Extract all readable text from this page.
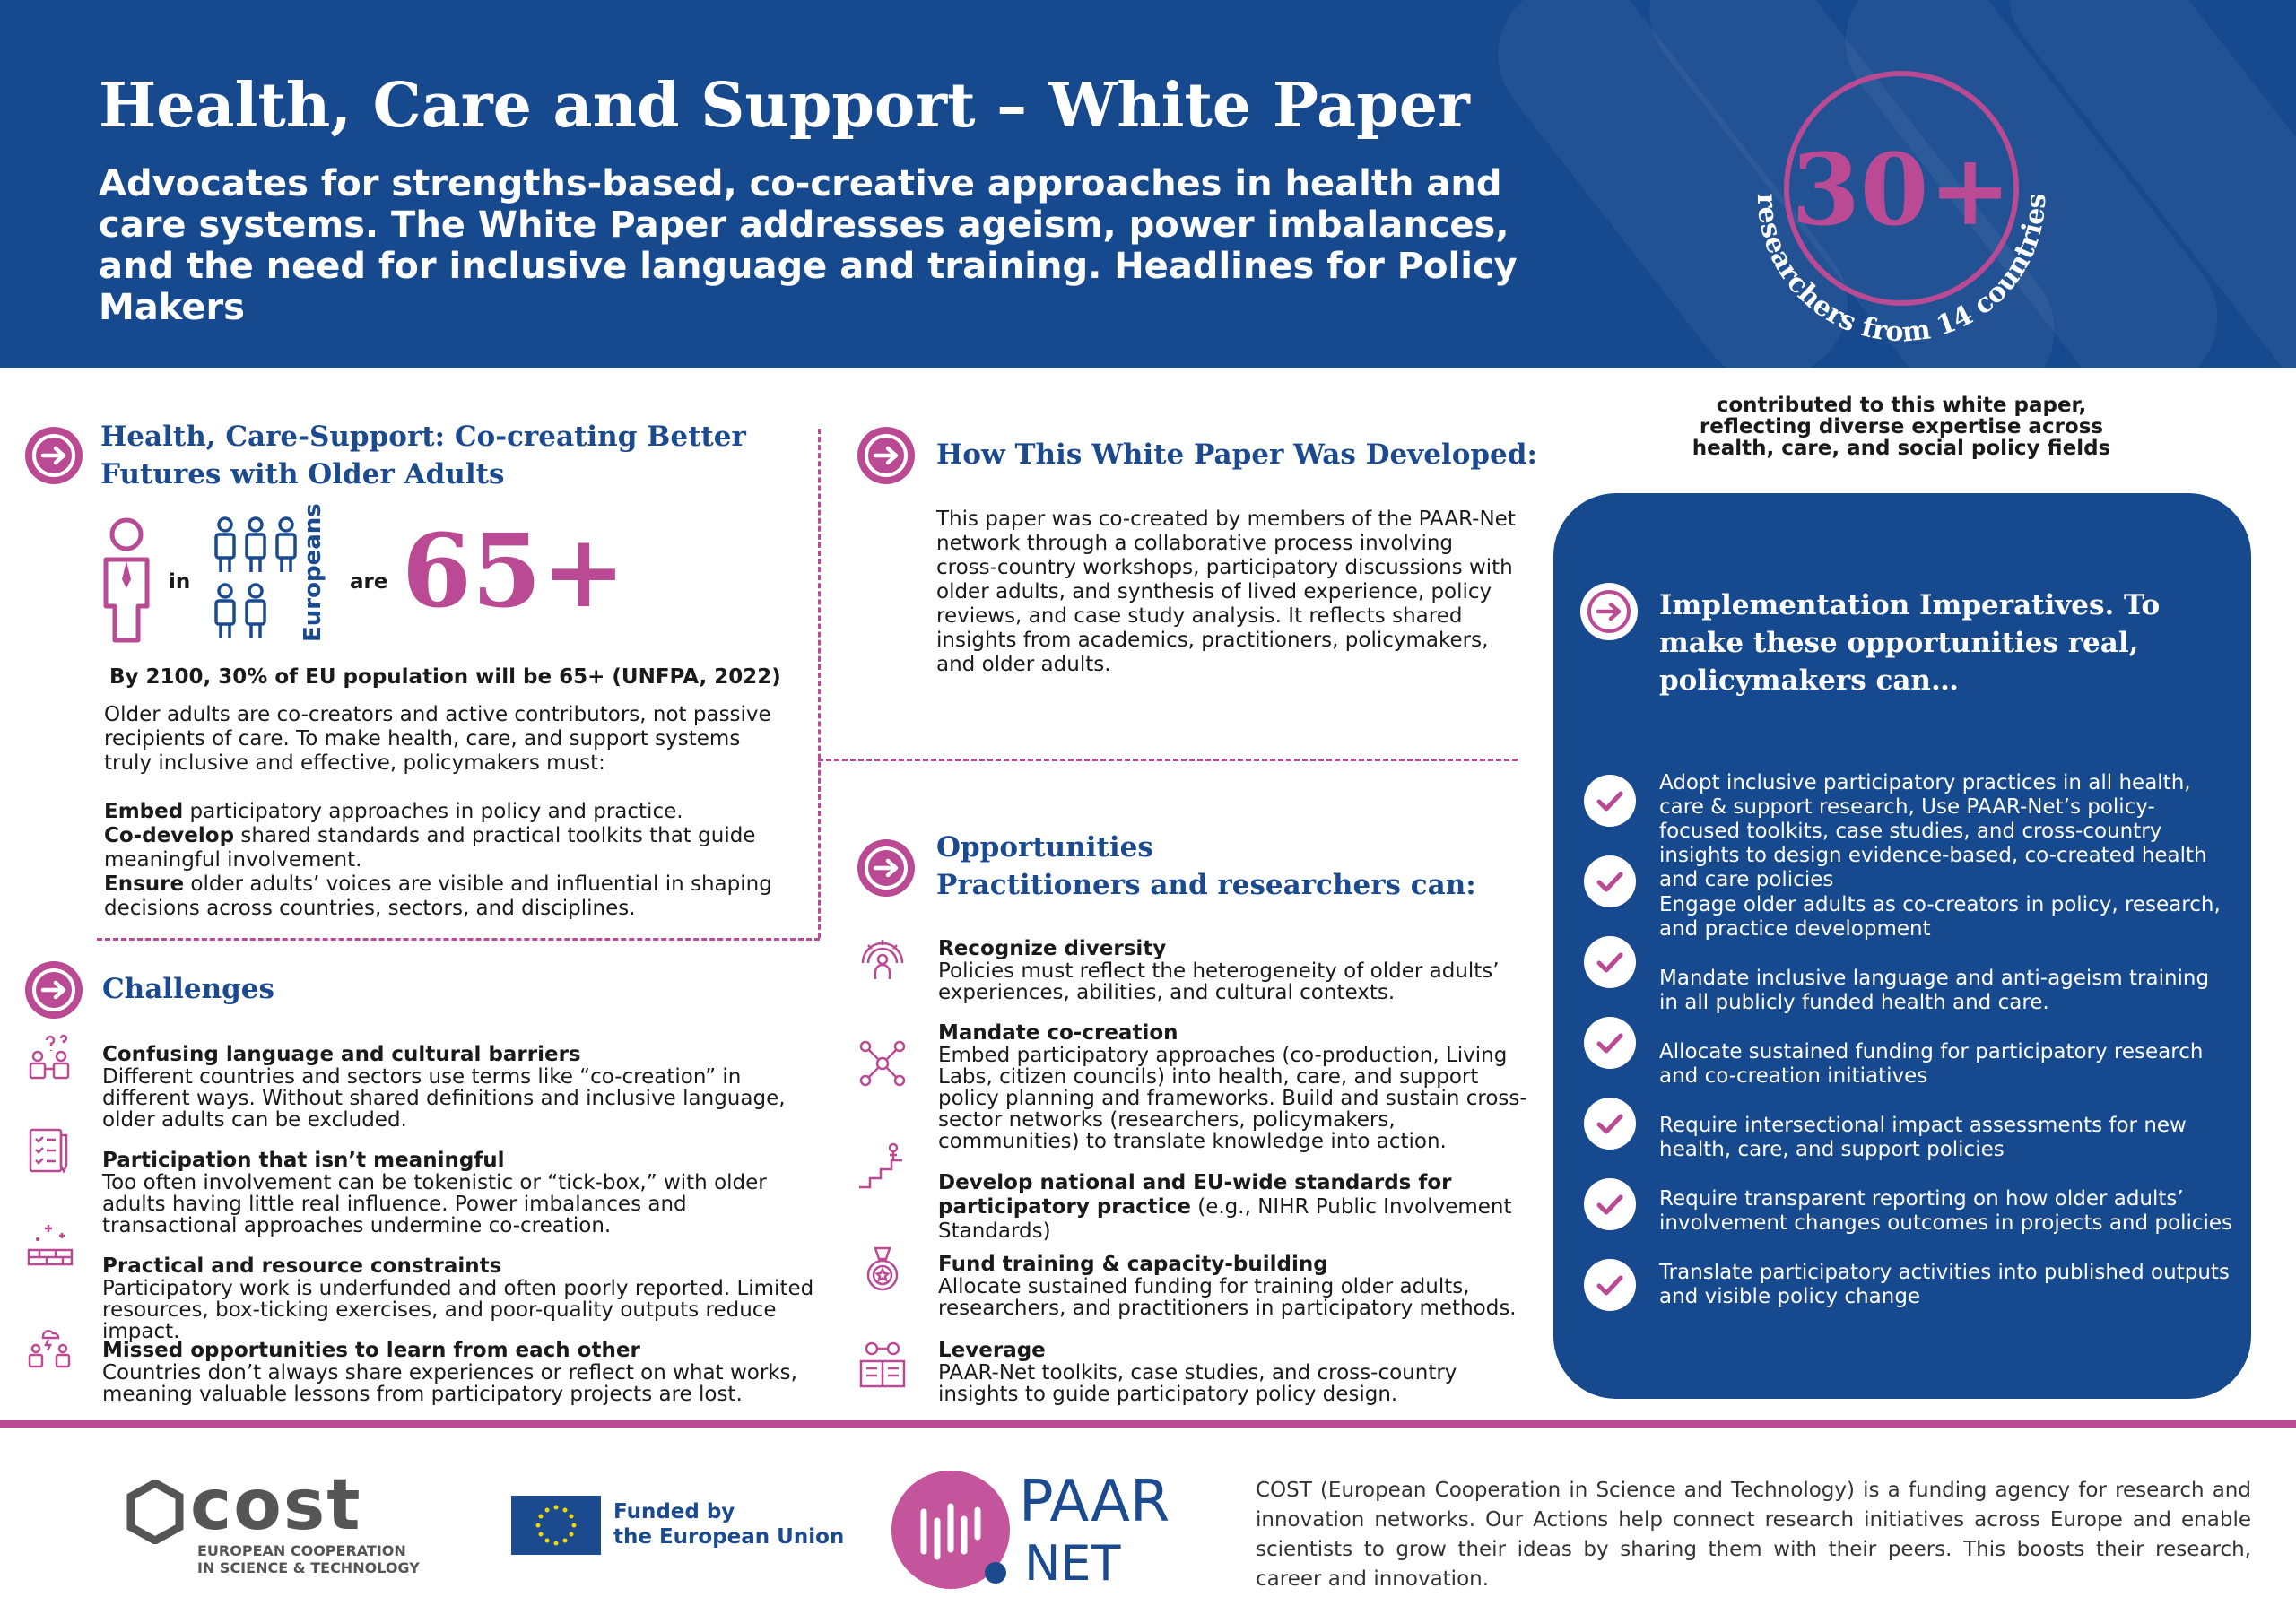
Health, Care and Support – White Paper
Advocates for strengths-based, co-creative approaches in health and care systems. The White Paper addresses ageism, power imbalances, and the need for inclusive language and training. Headlines for Policy Makers
30+
researchers from 14 countries
Health, Care-Support: Co-creating Better
Futures with Older Adults
in	Europeans are 65+
By 2100, 30% of EU population will be 65+ (UNFPA, 2022)
Older adults are co-creators and active contributors, not passive recipients of care. To make health, care, and support systems truly inclusive and effective, policymakers must:
Embed participatory approaches in policy and practice.
Co-develop shared standards and practical toolkits that guide meaningful involvement.
Ensure older adults’ voices are visible and influential in shaping decisions across countries, sectors, and disciplines.
Challenges
Confusing language and cultural barriers
Different countries and sectors use terms like “co-creation” in different ways. Without shared definitions and inclusive language, older adults can be excluded.
Participation that isn’t meaningful
Too often involvement can be tokenistic or “tick-box,” with older adults having little real influence. Power imbalances and transactional approaches undermine co-creation.
Practical and resource constraints
Participatory work is underfunded and often poorly reported. Limited resources, box-ticking exercises, and poor-quality outputs reduce impact.
Missed opportunities to learn from each other
Countries don’t always share experiences or reflect on what works, meaning valuable lessons from participatory projects are lost.
How This White Paper Was Developed:
This paper was co-created by members of the PAAR-Net network through a collaborative process involving cross-country workshops, participatory discussions with older adults, and synthesis of lived experience, policy reviews, and case study analysis. It reflects shared insights from academics, practitioners, policymakers, and older adults.
Opportunities
Practitioners and researchers can:
Recognize diversity
Policies must reflect the heterogeneity of older adults’ experiences, abilities, and cultural contexts.
Mandate co-creation
Embed participatory approaches (co-production, Living Labs, citizen councils) into health, care, and support policy planning and frameworks. Build and sustain cross-sector networks (researchers, policymakers, communities) to translate knowledge into action.
Develop national and EU-wide standards for participatory practice (e.g., NIHR Public Involvement Standards)
Fund training & capacity-building
Allocate sustained funding for training older adults, researchers, and practitioners in participatory methods.
Leverage
PAAR-Net toolkits, case studies, and cross-country insights to guide participatory policy design.
contributed to this white paper, reflecting diverse expertise across health, care, and social policy fields
Implementation Imperatives. To make these opportunities real, policymakers can…
Adopt inclusive participatory practices in all health, care & support research, Use PAAR-Net’s policy-focused toolkits, case studies, and cross-country insights to design evidence-based, co-created health and care policies
Engage older adults as co-creators in policy, research, and practice development
Mandate inclusive language and anti-ageism training in all publicly funded health and care.
Allocate sustained funding for participatory research and co-creation initiatives
Require intersectional impact assessments for new health, care, and support policies
Require transparent reporting on how older adults’ involvement changes outcomes in projects and policies
Translate participatory activities into published outputs and visible policy change
cost
EUROPEAN COOPERATION
IN SCIENCE & TECHNOLOGY
Funded by
the European Union
PAAR
NET
COST (European Cooperation in Science and Technology) is a funding agency for research and innovation networks. Our Actions help connect research initiatives across Europe and enable scientists to grow their ideas by sharing them with their peers. This boosts their research, career and innovation.
